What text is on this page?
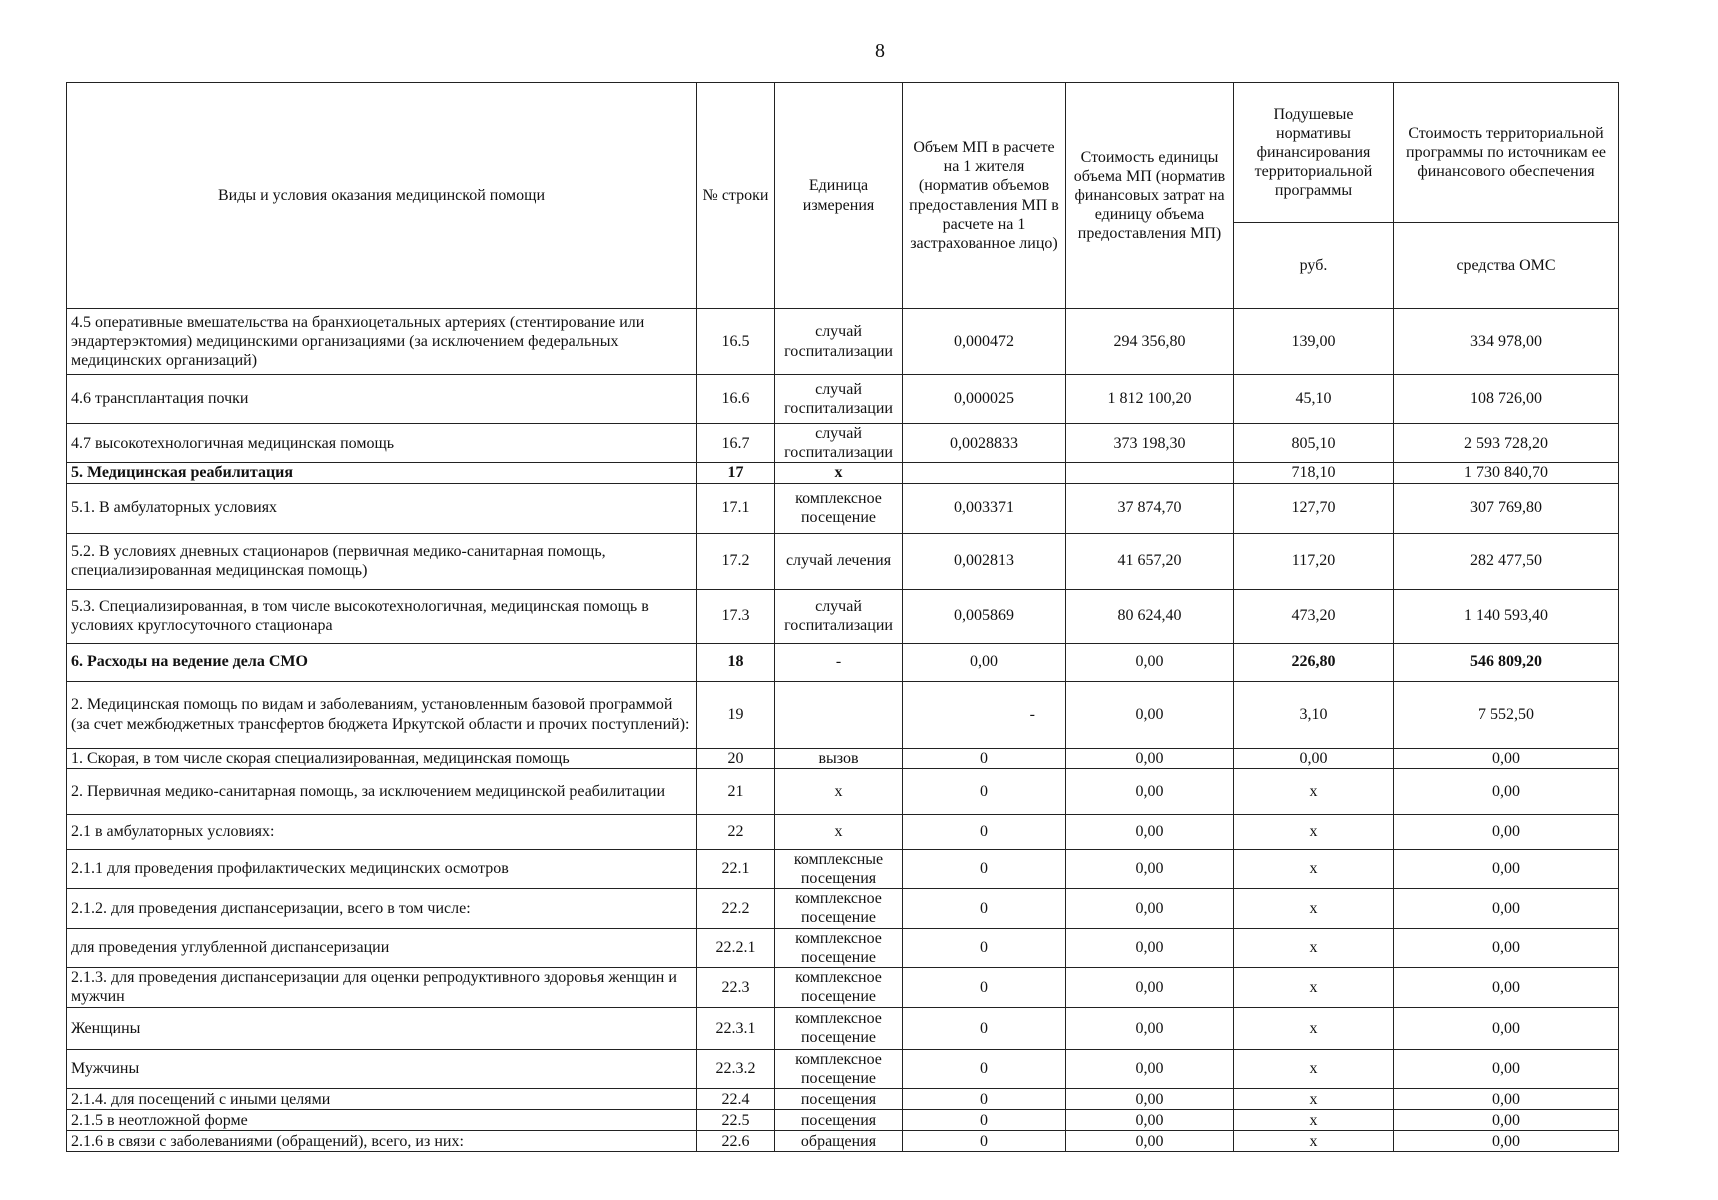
8
Виды и условия оказания медицинской помощи	№ строки	Единица измерения	Объем МП в расчете на 1 жителя (норматив объемов предоставления МП в расчете на 1 застрахованное лицо)	Стоимость единицы объема МП (норматив финансовых затрат на единицу объема предоставления МП)	Подушевые нормативы финансирования территориальной программы	Стоимость территориальной программы по источникам ее финансового обеспечения
					руб.	средства ОМС
4.5 оперативные вмешательства на бранхиоцетальных артериях (стентирование или эндартерэктомия) медицинскими организациями (за исключением федеральных медицинских организаций)	16.5	случай госпитализации	0,000472	294 356,80	139,00	334 978,00
4.6 трансплантация почки	16.6	случай госпитализации	0,000025	1 812 100,20	45,10	108 726,00
4.7 высокотехнологичная медицинская помощь	16.7	случай госпитализации	0,0028833	373 198,30	805,10	2 593 728,20
5. Медицинская реабилитация	17	х			718,10	1 730 840,70
5.1. В амбулаторных условиях	17.1	комплексное посещение	0,003371	37 874,70	127,70	307 769,80
5.2. В условиях дневных стационаров (первичная медико-санитарная помощь, специализированная медицинская помощь)	17.2	случай лечения	0,002813	41 657,20	117,20	282 477,50
5.3. Специализированная, в том числе высокотехнологичная, медицинская помощь в условиях круглосуточного стационара	17.3	случай госпитализации	0,005869	80 624,40	473,20	1 140 593,40
6. Расходы на ведение дела СМО	18	-	0,00	0,00	226,80	546 809,20
2. Медицинская помощь по видам и заболеваниям, установленным базовой программой (за счет межбюджетных трансфертов бюджета Иркутской области и прочих поступлений):	19		-	0,00	3,10	7 552,50
1. Скорая, в том числе скорая специализированная, медицинская помощь	20	вызов	0	0,00	0,00	0,00
2. Первичная медико-санитарная помощь, за исключением медицинской реабилитации	21	х	0	0,00	х	0,00
2.1 в амбулаторных условиях:	22	х	0	0,00	х	0,00
2.1.1 для проведения профилактических медицинских осмотров	22.1	комплексные посещения	0	0,00	х	0,00
2.1.2. для проведения диспансеризации, всего в том числе:	22.2	комплексное посещение	0	0,00	х	0,00
для проведения углубленной диспансеризации	22.2.1	комплексное посещение	0	0,00	х	0,00
2.1.3. для проведения диспансеризации для оценки репродуктивного здоровья женщин и мужчин	22.3	комплексное посещение	0	0,00	х	0,00
Женщины	22.3.1	комплексное посещение	0	0,00	х	0,00
Мужчины	22.3.2	комплексное посещение	0	0,00	х	0,00
2.1.4. для посещений с иными целями	22.4	посещения	0	0,00	х	0,00
2.1.5 в неотложной форме	22.5	посещения	0	0,00	х	0,00
2.1.6 в связи с заболеваниями (обращений), всего, из них:	22.6	обращения	0	0,00	х	0,00
